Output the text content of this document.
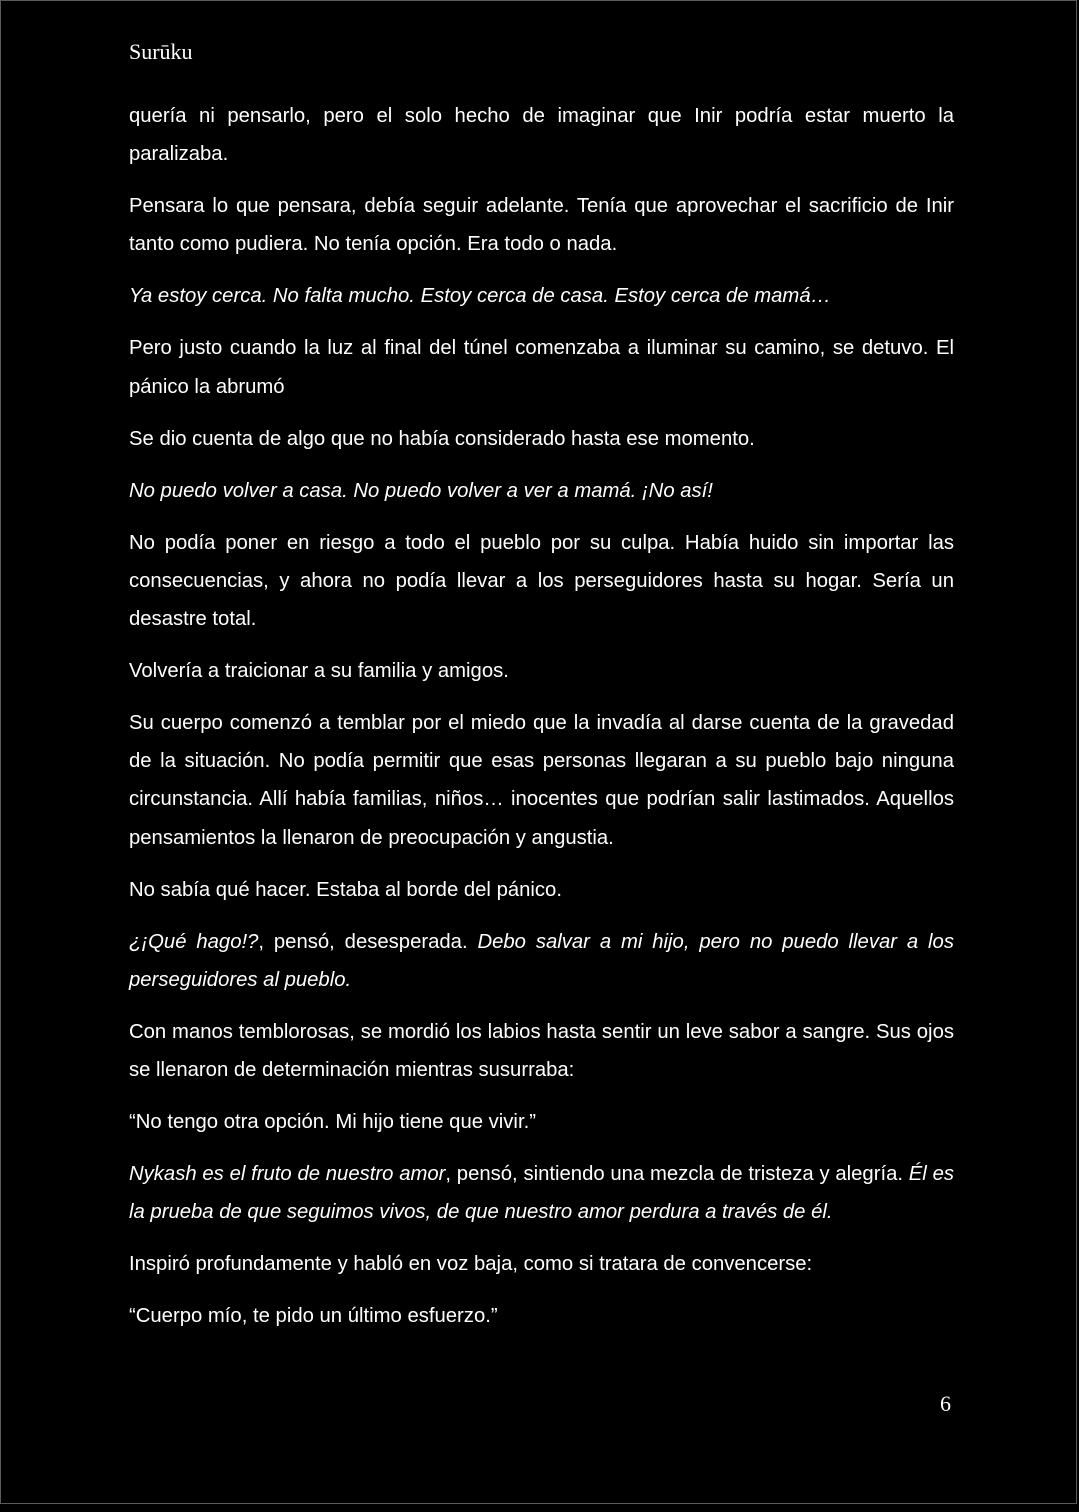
Surūku

quería ni pensarlo, pero el solo hecho de imaginar que Inir podría estar muerto la paralizaba.

Pensara lo que pensara, debía seguir adelante. Tenía que aprovechar el sacrificio de Inir tanto como pudiera. No tenía opción. Era todo o nada.

Ya estoy cerca. No falta mucho. Estoy cerca de casa. Estoy cerca de mamá…

Pero justo cuando la luz al final del túnel comenzaba a iluminar su camino, se detuvo. El pánico la abrumó

Se dio cuenta de algo que no había considerado hasta ese momento.

No puedo volver a casa. No puedo volver a ver a mamá. ¡No así!

No podía poner en riesgo a todo el pueblo por su culpa. Había huido sin importar las consecuencias, y ahora no podía llevar a los perseguidores hasta su hogar. Sería un desastre total.

Volvería a traicionar a su familia y amigos.

Su cuerpo comenzó a temblar por el miedo que la invadía al darse cuenta de la gravedad de la situación. No podía permitir que esas personas llegaran a su pueblo bajo ninguna circunstancia. Allí había familias, niños… inocentes que podrían salir lastimados. Aquellos pensamientos la llenaron de preocupación y angustia.

No sabía qué hacer. Estaba al borde del pánico.

¿¡Qué hago!?, pensó, desesperada. Debo salvar a mi hijo, pero no puedo llevar a los perseguidores al pueblo.

Con manos temblorosas, se mordió los labios hasta sentir un leve sabor a sangre. Sus ojos se llenaron de determinación mientras susurraba:

“No tengo otra opción. Mi hijo tiene que vivir.”

Nykash es el fruto de nuestro amor, pensó, sintiendo una mezcla de tristeza y alegría. Él es la prueba de que seguimos vivos, de que nuestro amor perdura a través de él.

Inspiró profundamente y habló en voz baja, como si tratara de convencerse:

“Cuerpo mío, te pido un último esfuerzo.”

6
